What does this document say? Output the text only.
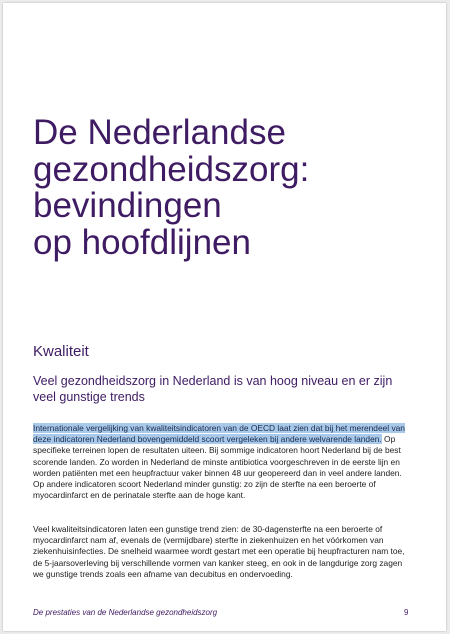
De Nederlandse
gezondheidszorg:
bevindingen
op hoofdlijnen
Kwaliteit
Veel gezondheidszorg in Nederland is van hoog niveau en er zijn veel gunstige trends

Internationale vergelijking van kwaliteitsindicatoren van de OECD laat zien dat bij het merendeel van deze indicatoren Nederland bovengemiddeld scoort vergeleken bij andere welvarende landen. Op specifieke terreinen lopen de resultaten uiteen. Bij sommige indicatoren hoort Nederland bij de best scorende landen. Zo worden in Nederland de minste antibiotica voorgeschreven in de eerste lijn en worden patiënten met een heupfractuur vaker binnen 48 uur geopereerd dan in veel andere landen. Op andere indicatoren scoort Nederland minder gunstig: zo zijn de sterfte na een beroerte of myocardinfarct en de perinatale sterfte aan de hoge kant.

Veel kwaliteitsindicatoren laten een gunstige trend zien: de 30-dagensterfte na een beroerte of myocardinfarct nam af, evenals de (vermijdbare) sterfte in ziekenhuizen en het vóórkomen van ziekenhuisinfecties. De snelheid waarmee wordt gestart met een operatie bij heupfracturen nam toe, de 5-jaarsoverleving bij verschillende vormen van kanker steeg, en ook in de langdurige zorg zagen we gunstige trends zoals een afname van decubitus en ondervoeding.

De prestaties van de Nederlandse gezondheidszorg	9
